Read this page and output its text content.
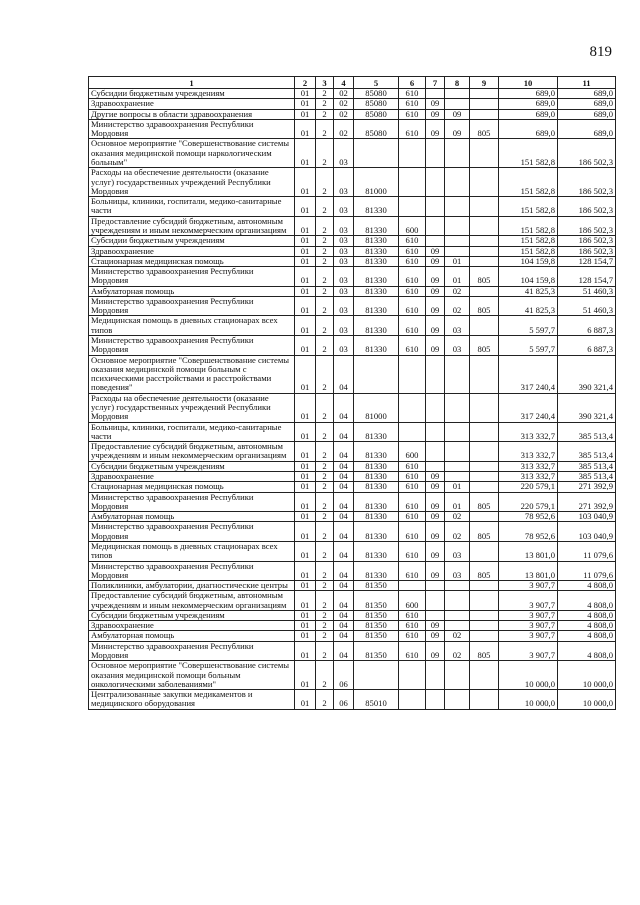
819
1	2	3	4	5	6	7	8	9	10	11
Субсидии бюджетным учреждениям	01	2	02	85080	610				689,0	689,0
Здравоохранение	01	2	02	85080	610	09			689,0	689,0
Другие вопросы в области здравоохранения	01	2	02	85080	610	09	09		689,0	689,0
Министерство здравоохранения Республики Мордовия	01	2	02	85080	610	09	09	805	689,0	689,0
Основное мероприятие "Совершенствование системы оказания медицинской помощи наркологическим больным"	01	2	03						151 582,8	186 502,3
Расходы на обеспечение деятельности (оказание услуг) государственных учреждений Республики Мордовия	01	2	03	81000					151 582,8	186 502,3
Больницы, клиники, госпитали, медико-санитарные части	01	2	03	81330					151 582,8	186 502,3
Предоставление субсидий бюджетным, автономным учреждениям и иным некоммерческим организациям	01	2	03	81330	600				151 582,8	186 502,3
Субсидии бюджетным учреждениям	01	2	03	81330	610				151 582,8	186 502,3
Здравоохранение	01	2	03	81330	610	09			151 582,8	186 502,3
Стационарная медицинская помощь	01	2	03	81330	610	09	01		104 159,8	128 154,7
Министерство здравоохранения Республики Мордовия	01	2	03	81330	610	09	01	805	104 159,8	128 154,7
Амбулаторная помощь	01	2	03	81330	610	09	02		41 825,3	51 460,3
Министерство здравоохранения Республики Мордовия	01	2	03	81330	610	09	02	805	41 825,3	51 460,3
Медицинская помощь в дневных стационарах всех типов	01	2	03	81330	610	09	03		5 597,7	6 887,3
Министерство здравоохранения Республики Мордовия	01	2	03	81330	610	09	03	805	5 597,7	6 887,3
Основное мероприятие "Совершенствование системы оказания медицинской помощи больным с психическими расстройствами и расстройствами поведения"	01	2	04						317 240,4	390 321,4
Расходы на обеспечение деятельности (оказание услуг) государственных учреждений Республики Мордовия	01	2	04	81000					317 240,4	390 321,4
Больницы, клиники, госпитали, медико-санитарные части	01	2	04	81330					313 332,7	385 513,4
Предоставление субсидий бюджетным, автономным учреждениям и иным некоммерческим организациям	01	2	04	81330	600				313 332,7	385 513,4
Субсидии бюджетным учреждениям	01	2	04	81330	610				313 332,7	385 513,4
Здравоохранение	01	2	04	81330	610	09			313 332,7	385 513,4
Стационарная медицинская помощь	01	2	04	81330	610	09	01		220 579,1	271 392,9
Министерство здравоохранения Республики Мордовия	01	2	04	81330	610	09	01	805	220 579,1	271 392,9
Амбулаторная помощь	01	2	04	81330	610	09	02		78 952,6	103 040,9
Министерство здравоохранения Республики Мордовия	01	2	04	81330	610	09	02	805	78 952,6	103 040,9
Медицинская помощь в дневных стационарах всех типов	01	2	04	81330	610	09	03		13 801,0	11 079,6
Министерство здравоохранения Республики Мордовия	01	2	04	81330	610	09	03	805	13 801,0	11 079,6
Поликлиники, амбулатории, диагностические центры	01	2	04	81350					3 907,7	4 808,0
Предоставление субсидий бюджетным, автономным учреждениям и иным некоммерческим организациям	01	2	04	81350	600				3 907,7	4 808,0
Субсидии бюджетным учреждениям	01	2	04	81350	610				3 907,7	4 808,0
Здравоохранение	01	2	04	81350	610	09			3 907,7	4 808,0
Амбулаторная помощь	01	2	04	81350	610	09	02		3 907,7	4 808,0
Министерство здравоохранения Республики Мордовия	01	2	04	81350	610	09	02	805	3 907,7	4 808,0
Основное мероприятие "Совершенствование системы оказания медицинской помощи больным онкологическими заболеваниями"	01	2	06						10 000,0	10 000,0
Централизованные закупки медикаментов и медицинского оборудования	01	2	06	85010					10 000,0	10 000,0
